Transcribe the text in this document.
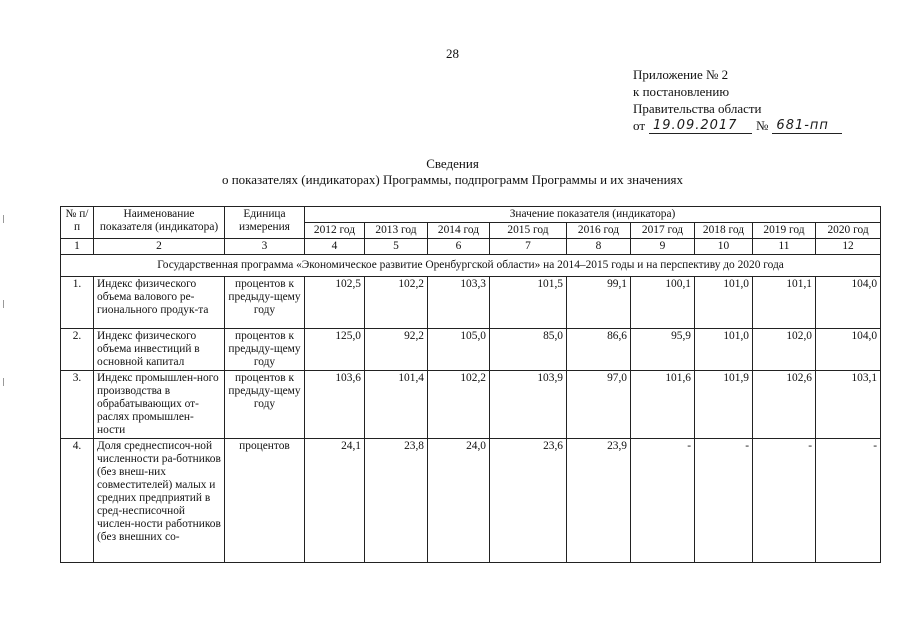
28
Приложение № 2
к постановлению
Правительства области
от 19.09.2017	№ 681-пп
Сведения
о показателях (индикаторах) Программы, подпрограмм Программы и их значениях
№ п/п	Наименование показателя (индикатора)	Единица измерения	Значение показателя (индикатора)								
			2012 год	2013 год	2014 год	2015 год	2016 год	2017 год	2018 год	2019 год	2020 год
1	2	3	4	5	6	7	8	9	10	11	12
Государственная программа «Экономическое развитие Оренбургской области» на 2014–2015 годы и на перспективу до 2020 года											
1.	Индекс физического объема валового ре-гионального продук-та	процентов к предыду-щему году	102,5	102,2	103,3	101,5	99,1	100,1	101,0	101,1	104,0
2.	Индекс физического объема инвестиций в основной капитал	процентов к предыду-щему году	125,0	92,2	105,0	85,0	86,6	95,9	101,0	102,0	104,0
3.	Индекс промышлен-ного производства в обрабатывающих от-раслях промышлен-ности	процентов к предыду-щему году	103,6	101,4	102,2	103,9	97,0	101,6	101,9	102,6	103,1
4.	Доля среднесписоч-ной численности ра-ботников (без внеш-них совместителей) малых и средних предприятий в сред-несписочной числен-ности работников (без внешних со-	процентов	24,1	23,8	24,0	23,6	23,9	-	-	-	-
